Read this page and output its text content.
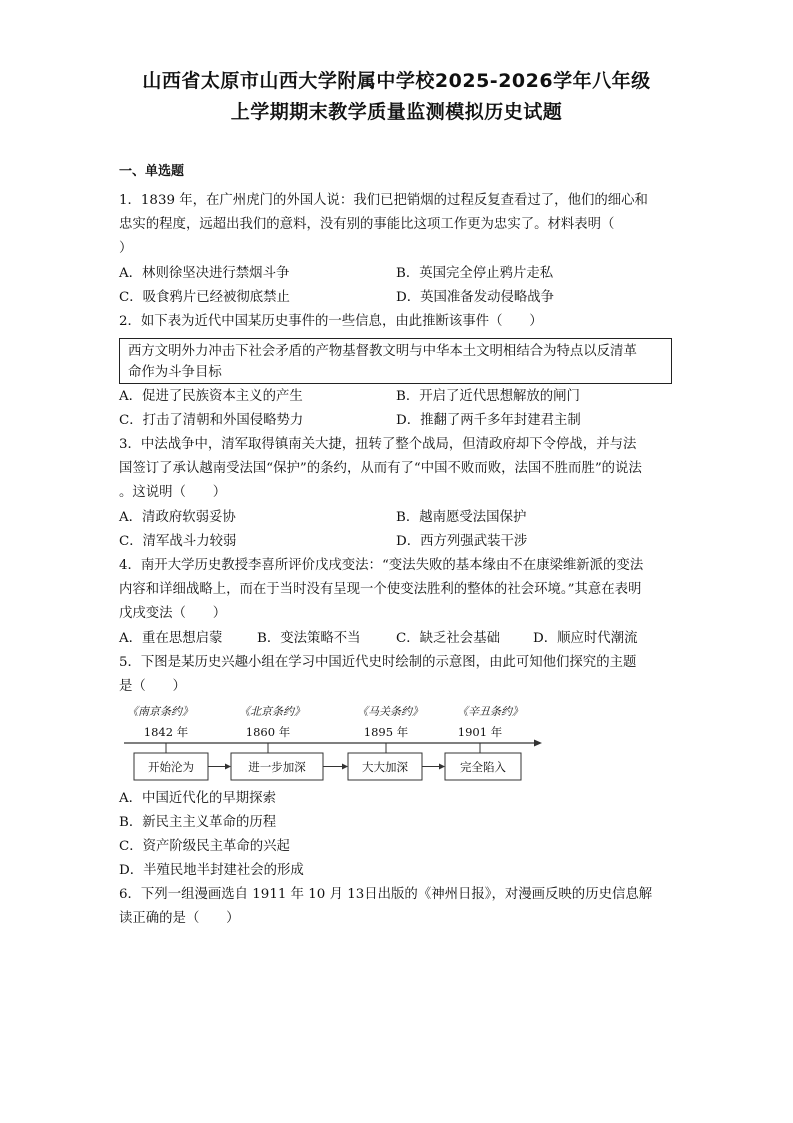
山西省太原市山西大学附属中学校2025-2026学年八年级
上学期期末教学质量监测模拟历史试题

一、单选题

1．1839 年，在广州虎门的外国人说：我们已把销烟的过程反复查看过了，他们的细心和

忠实的程度，远超出我们的意料，没有别的事能比这项工作更为忠实了。材料表明（

）

A．林则徐坚决进行禁烟斗争	B．英国完全停止鸦片走私
C．吸食鸦片已经被彻底禁止	D．英国准备发动侵略战争

2．如下表为近代中国某历史事件的一些信息，由此推断该事件（　　）

西方文明外力冲击下社会矛盾的产物基督教文明与中华本土文明相结合为特点以反清革
命作为斗争目标
A．促进了民族资本主义的产生	B．开启了近代思想解放的闸门
C．打击了清朝和外国侵略势力	D．推翻了两千多年封建君主制

3．中法战争中，清军取得镇南关大捷，扭转了整个战局，但清政府却下令停战，并与法

国签订了承认越南受法国“保护”的条约，从而有了“中国不败而败，法国不胜而胜”的说法

。这说明（　　）

A．清政府软弱妥协	B．越南愿受法国保护
C．清军战斗力较弱	D．西方列强武装干涉

4．南开大学历史教授李喜所评价戊戌变法：“变法失败的基本缘由不在康梁维新派的变法

内容和详细战略上，而在于当时没有呈现一个使变法胜利的整体的社会环境。”其意在表明

戊戌变法（　　）

A．重在思想启蒙	B．变法策略不当	C．缺乏社会基础 D．顺应时代潮流

5．下图是某历史兴趣小组在学习中国近代史时绘制的示意图，由此可知他们探究的主题

是（　　）

《南京条约》	《北京条约》	《马关条约》	《辛丑条约》
1842 年	1860 年	1895 年	1901 年
开始沦为	进一步加深	大大加深	完全陷入

A．中国近代化的早期探索

B．新民主主义革命的历程

C．资产阶级民主革命的兴起

D．半殖民地半封建社会的形成

6．下列一组漫画选自 1911 年 10 月 13日出版的《神州日报》，对漫画反映的历史信息解

读正确的是（　　）
